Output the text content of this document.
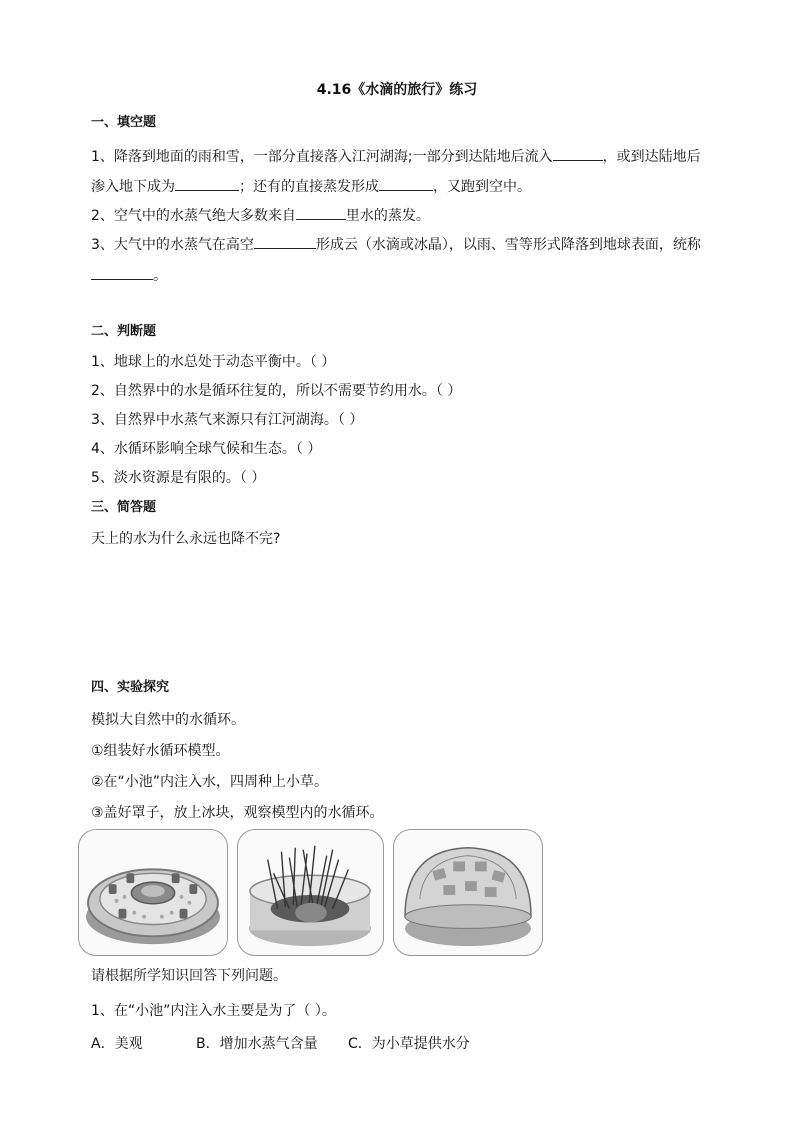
4.16《水滴的旅行》练习
一、填空题
1、降落到地面的雨和雪，一部分直接落入江河湖海;一部分到达陆地后流入	，或到达陆地后
渗入地下成为	；还有的直接蒸发形成	，又跑到空中。
2、空气中的水蒸气绝大多数来自	里水的蒸发。
3、大气中的水蒸气在高空	形成云（水滴或冰晶），以雨、雪等形式降落到地球表面，统称
。
二、判断题
1、地球上的水总处于动态平衡中。（ ）
2、自然界中的水是循环往复的，所以不需要节约用水。（ ）
3、自然界中水蒸气来源只有江河湖海。（ ）
4、水循环影响全球气候和生态。（ ）
5、淡水资源是有限的。（ ）
三、简答题
天上的水为什么永远也降不完?
四、实验探究
模拟大自然中的水循环。
①组装好水循环模型。
②在“小池”内注入水，四周种上小草。
③盖好罩子，放上冰块，观察模型内的水循环。
请根据所学知识回答下列问题。
1、在“小池”内注入水主要是为了（ ）。
A．美观	B．增加水蒸气含量 C．为小草提供水分
